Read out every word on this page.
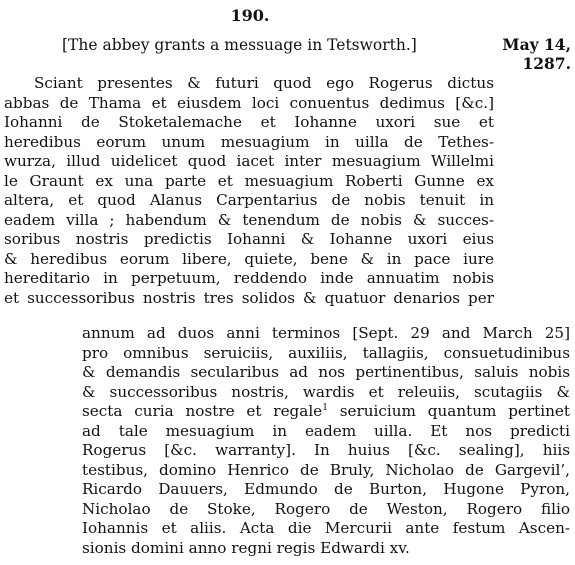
190.
[The abbey grants a messuage in Tetsworth.]	May 14,
1287.
Sciant presentes & futuri quod ego Rogerus dictus
abbas de Thama et eiusdem loci conuentus dedimus [&c.]
Iohanni de Stoketalemache et Iohanne uxori sue et
heredibus eorum unum mesuagium in uilla de Tethes-
wurza, illud uidelicet quod iacet inter mesuagium Willelmi
le Graunt ex una parte et mesuagium Roberti Gunne ex
altera, et quod Alanus Carpentarius de nobis tenuit in
eadem villa ; habendum & tenendum de nobis & succes-
soribus nostris predictis Iohanni & Iohanne uxori eius
& heredibus eorum libere, quiete, bene & in pace iure
hereditario in perpetuum, reddendo inde annuatim nobis
et successoribus nostris tres solidos & quatuor denarios per
annum ad duos anni terminos [Sept. 29 and March 25]
pro omnibus seruiciis, auxiliis, tallagiis, consuetudinibus
& demandis secularibus ad nos pertinentibus, saluis nobis
& successoribus nostris, wardis et releuiis, scutagiis &
secta curia nostre et regale$^1$ seruicium quantum pertinet
ad tale mesuagium in eadem uilla. Et nos predicti
Rogerus [&c. warranty]. In huius [&c. sealing], hiis
testibus, domino Henrico de Bruly, Nicholao de Gargevil’,
Ricardo Dauuers, Edmundo de Burton, Hugone Pyron,
Nicholao de Stoke, Rogero de Weston, Rogero filio
Iohannis et aliis. Acta die Mercurii ante festum Ascen-
sionis domini anno regni regis Edwardi xv.
